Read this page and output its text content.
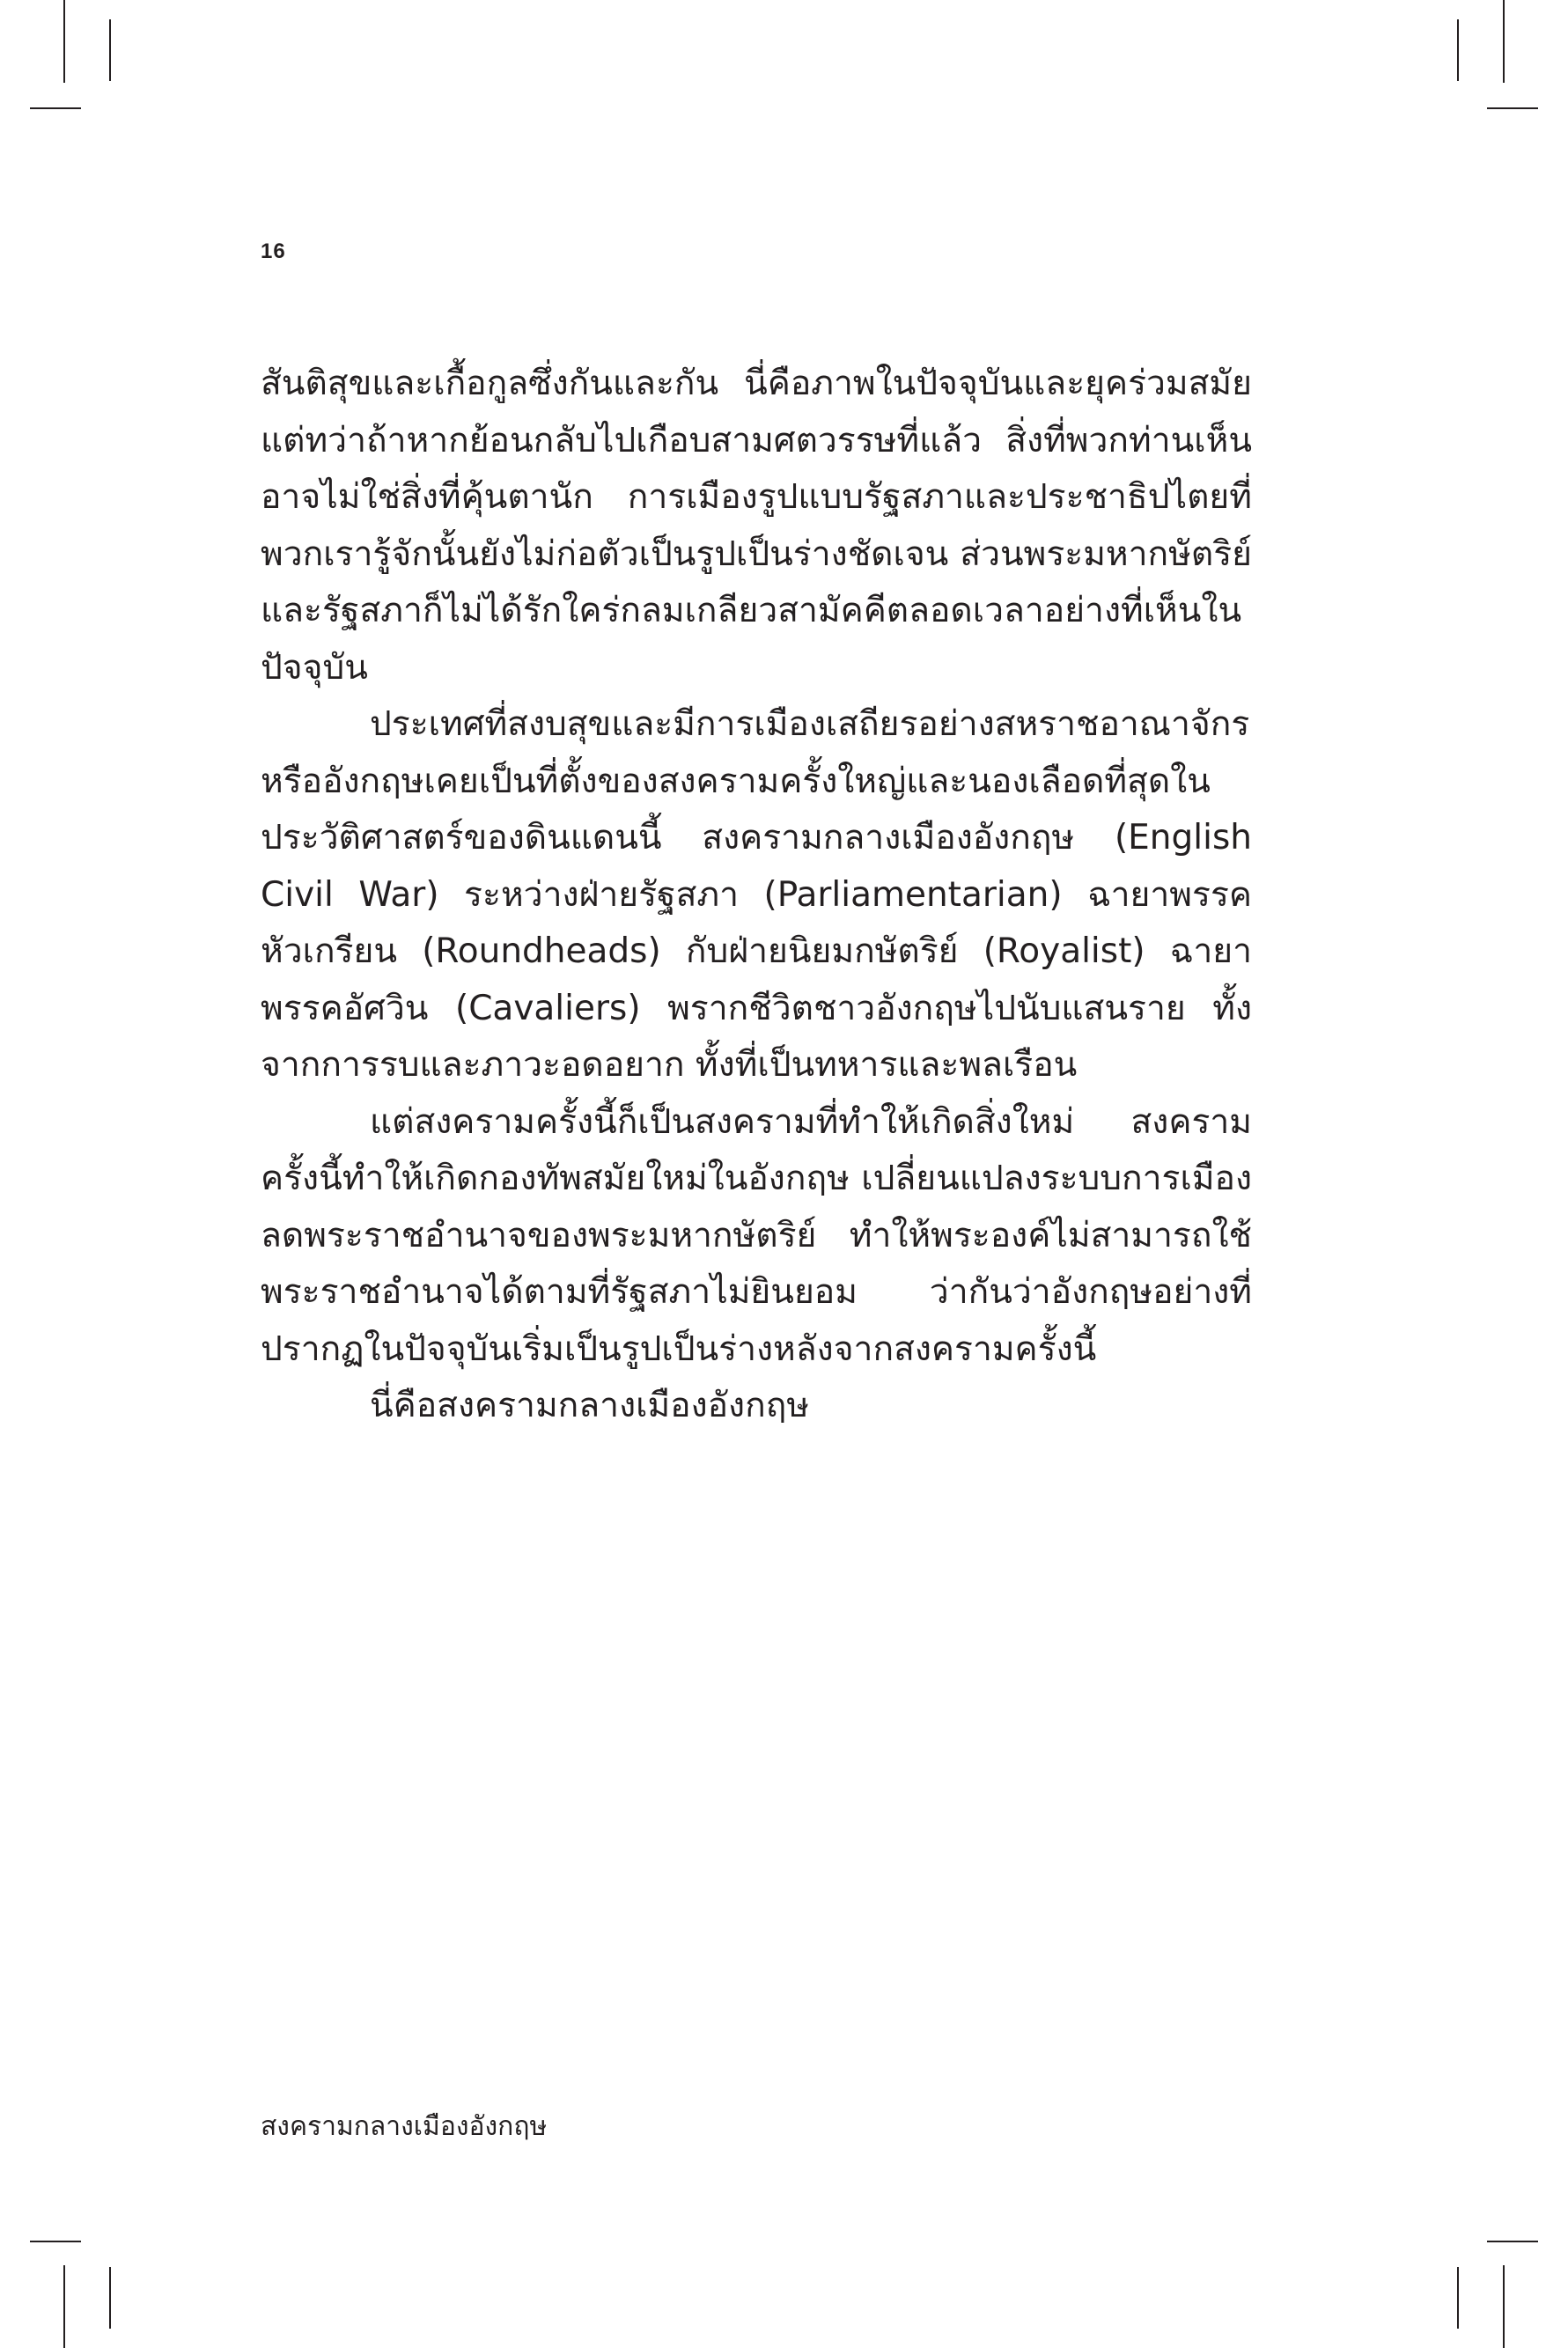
16

สันติสุขและเกื้อกูลซึ่งกันและกัน นี่คือภาพในปัจจุบันและยุคร่วมสมัย
แต่ทว่าถ้าหากย้อนกลับไปเกือบสามศตวรรษที่แล้ว สิ่งที่พวกท่านเห็น
อาจไม่ใช่สิ่งที่คุ้นตานัก การเมืองรูปแบบรัฐสภาและประชาธิปไตยที่
พวกเรารู้จักนั้นยังไม่ก่อตัวเป็นรูปเป็นร่างชัดเจน ส่วนพระมหากษัตริย์
และรัฐสภาก็ไม่ได้รักใคร่กลมเกลียวสามัคคีตลอดเวลาอย่างที่เห็นใน
ปัจจุบัน

ประเทศที่สงบสุขและมีการเมืองเสถียรอย่างสหราชอาณาจักร
หรืออังกฤษเคยเป็นที่ตั้งของสงครามครั้งใหญ่และนองเลือดที่สุดใน
ประวัติศาสตร์ของดินแดนนี้ สงครามกลางเมืองอังกฤษ (English
Civil War) ระหว่างฝ่ายรัฐสภา (Parliamentarian) ฉายาพรรค
หัวเกรียน (Roundheads) กับฝ่ายนิยมกษัตริย์ (Royalist) ฉายา
พรรคอัศวิน (Cavaliers) พรากชีวิตชาวอังกฤษไปนับแสนราย ทั้ง
จากการรบและภาวะอดอยาก ทั้งที่เป็นทหารและพลเรือน

แต่สงครามครั้งนี้ก็เป็นสงครามที่ทำให้เกิดสิ่งใหม่ สงคราม
ครั้งนี้ทำให้เกิดกองทัพสมัยใหม่ในอังกฤษ เปลี่ยนแปลงระบบการเมือง
ลดพระราชอำนาจของพระมหากษัตริย์ ทำให้พระองค์ไม่สามารถใช้
พระราชอำนาจได้ตามที่รัฐสภาไม่ยินยอม ว่ากันว่าอังกฤษอย่างที่
ปรากฏในปัจจุบันเริ่มเป็นรูปเป็นร่างหลังจากสงครามครั้งนี้

นี่คือสงครามกลางเมืองอังกฤษ

สงครามกลางเมืองอังกฤษ
